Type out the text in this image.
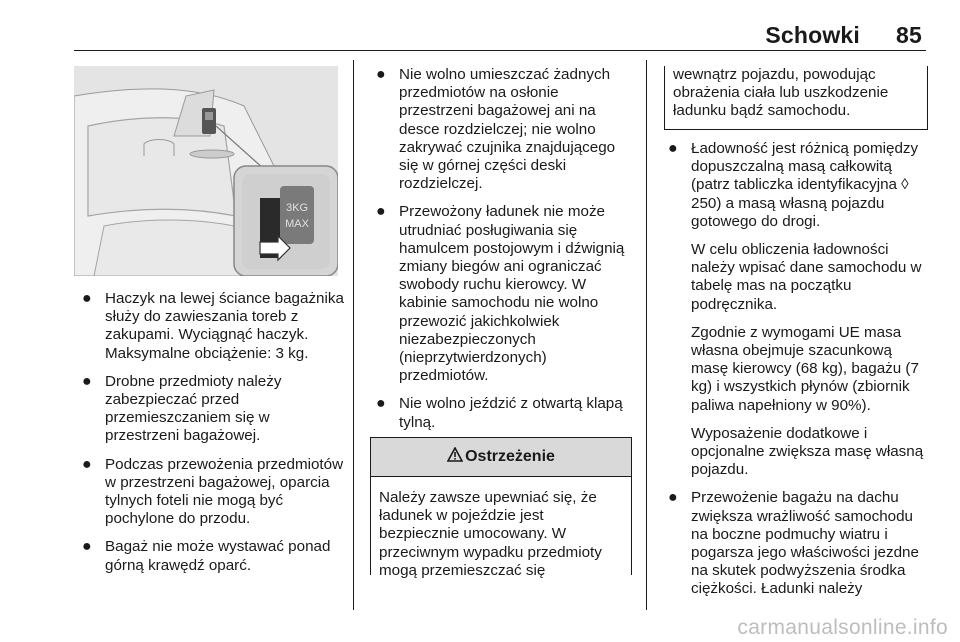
Schowki 85
3KG
MAX
● Haczyk na lewej ściance bagażnika służy do zawieszania toreb z zakupami. Wyciągnąć haczyk. Maksymalne obciążenie: 3 kg.
● Drobne przedmioty należy zabezpieczać przed przemieszczaniem się w przestrzeni bagażowej.
● Podczas przewożenia przedmiotów w przestrzeni bagażowej, oparcia tylnych foteli nie mogą być pochylone do przodu.
● Bagaż nie może wystawać ponad górną krawędź oparć.
● Nie wolno umieszczać żadnych przedmiotów na osłonie przestrzeni bagażowej ani na desce rozdzielczej; nie wolno zakrywać czujnika znajdującego się w górnej części deski rozdzielczej.
● Przewożony ładunek nie może utrudniać posługiwania się hamulcem postojowym i dźwignią zmiany biegów ani ograniczać swobody ruchu kierowcy. W kabinie samochodu nie wolno przewozić jakichkolwiek niezabezpieczonych (nieprzytwierdzonych) przedmiotów.
● Nie wolno jeździć z otwartą klapą tylną.
Ostrzeżenie
Należy zawsze upewniać się, że ładunek w pojeździe jest bezpiecznie umocowany. W przeciwnym wypadku przedmioty mogą przemieszczać się
wewnątrz pojazdu, powodując obrażenia ciała lub uszkodzenie ładunku bądź samochodu.
● Ładowność jest różnicą pomiędzy dopuszczalną masą całkowitą (patrz tabliczka identyfikacyjna ◊ 250) a masą własną pojazdu gotowego do drogi.
W celu obliczenia ładowności należy wpisać dane samochodu w tabelę mas na początku podręcznika.
Zgodnie z wymogami UE masa własna obejmuje szacunkową masę kierowcy (68 kg), bagażu (7 kg) i wszystkich płynów (zbiornik paliwa napełniony w 90%).
Wyposażenie dodatkowe i opcjonalne zwiększa masę własną pojazdu.
● Przewożenie bagażu na dachu zwiększa wrażliwość samochodu na boczne podmuchy wiatru i pogarsza jego właściwości jezdne na skutek podwyższenia środka ciężkości. Ładunki należy
carmanualsonline.info
